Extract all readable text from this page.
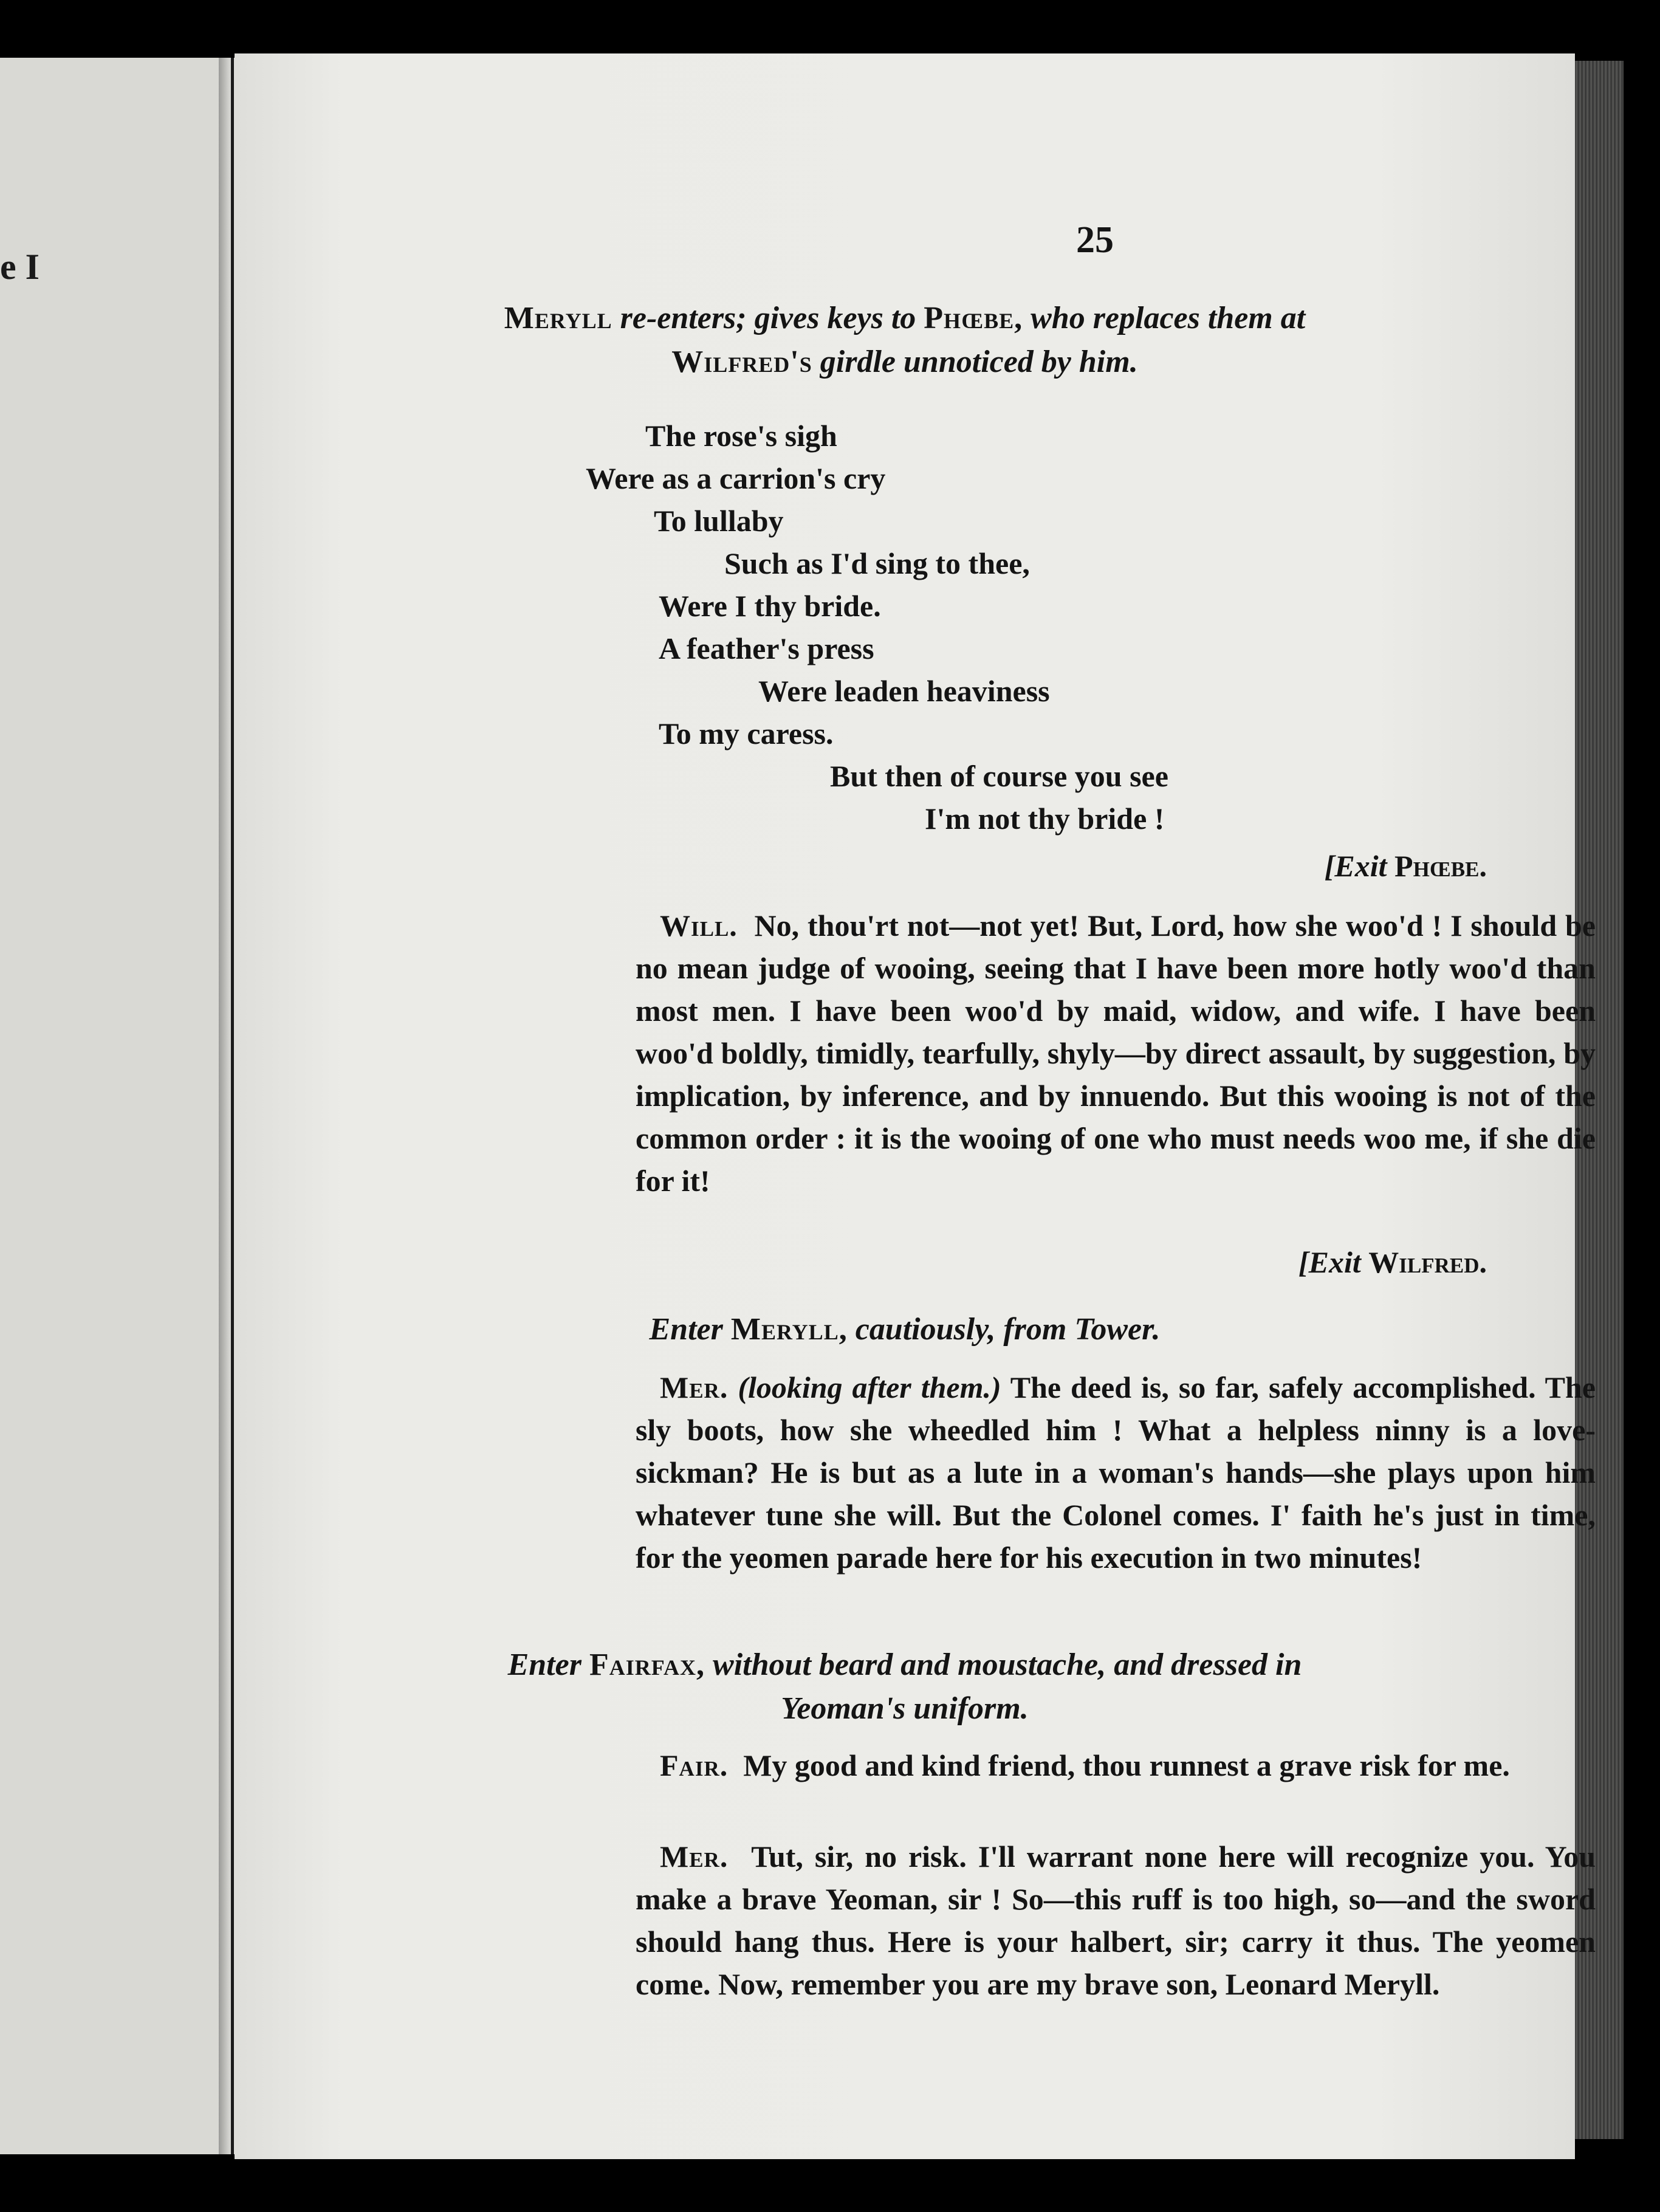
e I
25
Meryll re-enters; gives keys to Phœbe, who replaces them at
Wilfred's girdle unnoticed by him.
The rose's sigh
Were as a carrion's cry
To lullaby
Such as I'd sing to thee,
Were I thy bride.
A feather's press
Were leaden heaviness
To my caress.
But then of course you see
I'm not thy bride !
[Exit Phœbe.
Will. No, thou'rt not—not yet! But, Lord, how she woo'd ! I should be no mean judge of wooing, seeing that I have been more hotly woo'd than most men. I have been woo'd by maid, widow, and wife. I have been woo'd boldly, timidly, tearfully, shyly—by direct assault, by suggestion, by implication, by inference, and by innuendo. But this wooing is not of the common order : it is the wooing of one who must needs woo me, if she die for it!
[Exit Wilfred.
Enter Meryll, cautiously, from Tower.
Mer. (looking after them.) The deed is, so far, safely accomplished. The sly boots, how she wheedled him ! What a helpless ninny is a love-sickman? He is but as a lute in a woman's hands—she plays upon him whatever tune she will. But the Colonel comes. I' faith he's just in time, for the yeomen parade here for his execution in two minutes!
Enter Fairfax, without beard and moustache, and dressed in
Yeoman's uniform.
Fair. My good and kind friend, thou runnest a grave risk for me.
Mer. Tut, sir, no risk. I'll warrant none here will recognize you. You make a brave Yeoman, sir ! So—this ruff is too high, so—and the sword should hang thus. Here is your halbert, sir; carry it thus. The yeomen come. Now, remember you are my brave son, Leonard Meryll.
